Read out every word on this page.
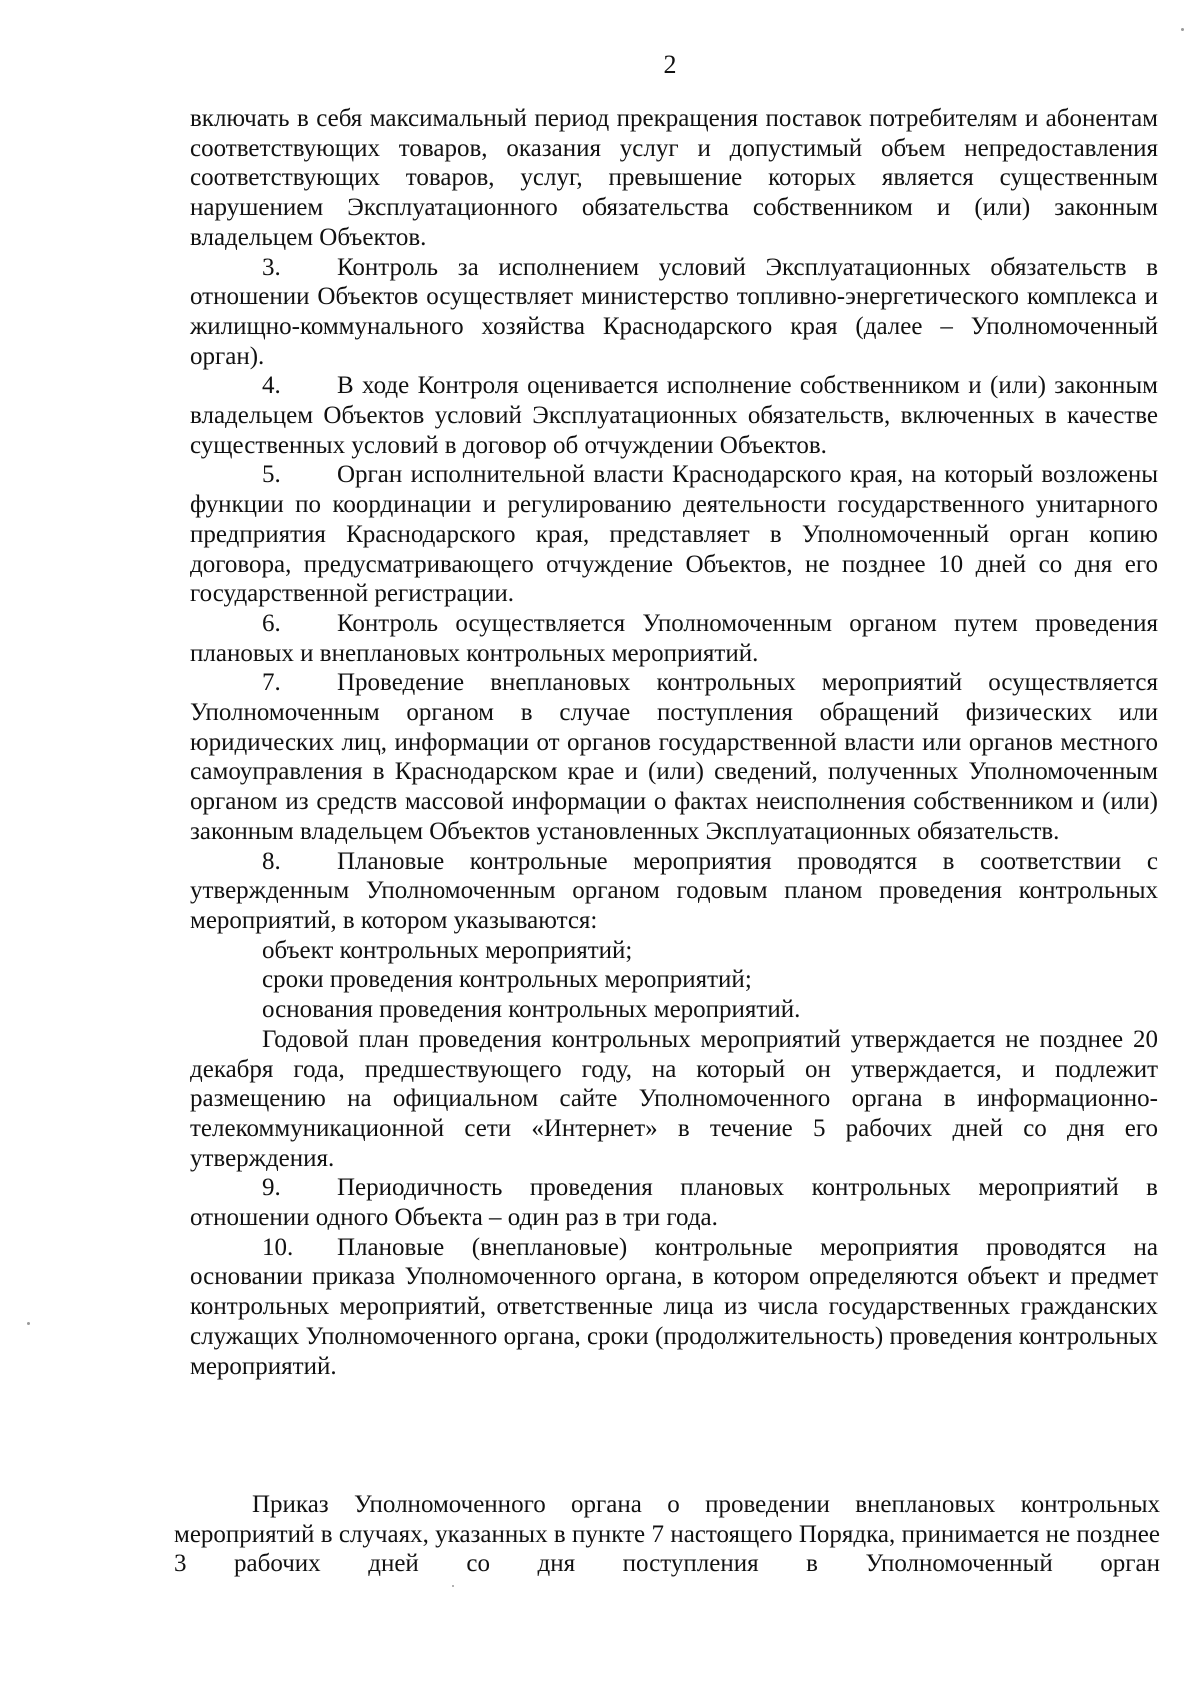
2

включать в себя максимальный период прекращения поставок потребителям и абонентам соответствующих товаров, оказания услуг и допустимый объем непредоставления соответствующих товаров, услуг, превышение которых является существенным нарушением Эксплуатационного обязательства собственником и (или) законным владельцем Объектов.

3. Контроль за исполнением условий Эксплуатационных обязательств в отношении Объектов осуществляет министерство топливно-энергетического комплекса и жилищно-коммунального хозяйства Краснодарского края (далее – Уполномоченный орган).

4. В ходе Контроля оценивается исполнение собственником и (или) законным владельцем Объектов условий Эксплуатационных обязательств, включенных в качестве существенных условий в договор об отчуждении Объектов.

5. Орган исполнительной власти Краснодарского края, на который возложены функции по координации и регулированию деятельности государственного унитарного предприятия Краснодарского края, представляет в Уполномоченный орган копию договора, предусматривающего отчуждение Объектов, не позднее 10 дней со дня его государственной регистрации.

6. Контроль осуществляется Уполномоченным органом путем проведения плановых и внеплановых контрольных мероприятий.

7. Проведение внеплановых контрольных мероприятий осуществляется Уполномоченным органом в случае поступления обращений физических или юридических лиц, информации от органов государственной власти или органов местного самоуправления в Краснодарском крае и (или) сведений, полученных Уполномоченным органом из средств массовой информации о фактах неисполнения собственником и (или) законным владельцем Объектов установленных Эксплуатационных обязательств.

8. Плановые контрольные мероприятия проводятся в соответствии с утвержденным Уполномоченным органом годовым планом проведения контрольных мероприятий, в котором указываются:

объект контрольных мероприятий;

сроки проведения контрольных мероприятий;

основания проведения контрольных мероприятий.

Годовой план проведения контрольных мероприятий утверждается не позднее 20 декабря года, предшествующего году, на который он утверждается, и подлежит размещению на официальном сайте Уполномоченного органа в информационно-телекоммуникационной сети «Интернет» в течение 5 рабочих дней со дня его утверждения.

9. Периодичность проведения плановых контрольных мероприятий в отношении одного Объекта – один раз в три года.

10. Плановые (внеплановые) контрольные мероприятия проводятся на основании приказа Уполномоченного органа, в котором определяются объект и предмет контрольных мероприятий, ответственные лица из числа государственных гражданских служащих Уполномоченного органа, сроки (продолжительность) проведения контрольных мероприятий.

Приказ Уполномоченного органа о проведении внеплановых контрольных мероприятий в случаях, указанных в пункте 7 настоящего Порядка, принимается не позднее 3 рабочих дней со дня поступления в Уполномоченный орган
